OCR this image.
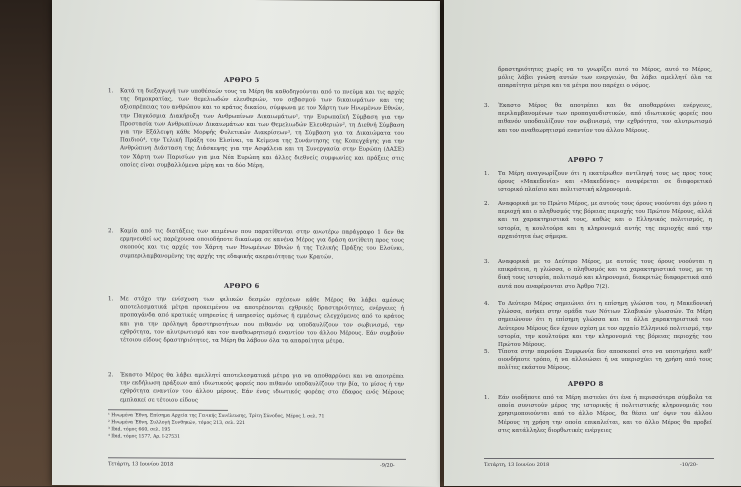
ΑΡΘΡΟ 5
1. Κατά τη διεξαγωγή των υποθέσεών τους τα Μέρη θα καθοδηγούνται από το πνεύμα και τις αρχές της δημοκρατίας, των θεμελιωδών ελευθεριών, του σεβασμού των δικαιωμάτων και της αξιοπρέπειας του ανθρώπου και το κράτος δικαίου, σύμφωνα με τον Χάρτη των Ηνωμένων Εθνών, την Παγκόσμια Διακήρυξη των Ανθρωπίνων Δικαιωμάτων¹, την Ευρωπαϊκή Σύμβαση για την Προστασία των Ανθρωπίνων Δικαιωμάτων και των Θεμελιωδών Ελευθεριών², τη Διεθνή Σύμβαση για την Εξάλειψη κάθε Μορφής Φυλετικών Διακρίσεων³, τη Σύμβαση για τα Δικαιώματα του Παιδιού⁴, την Τελική Πράξη του Ελσίνκι, τα Κείμενα της Συνάντησης της Κοπεγχάγης για την Ανθρώπινη Διάσταση της Διάσκεψης για την Ασφάλεια και τη Συνεργασία στην Ευρώπη (ΔΑΣΕ) τον Χάρτη των Παρισίων για μια Νέα Ευρώπη και άλλες διεθνείς συμφωνίες και πράξεις στις οποίες είναι συμβαλλόμενα μέρη και τα δύο Μέρη.
2. Καμία από τις διατάξεις των κειμένων που παρατίθενται στην ανωτέρω παράγραφο 1 δεν θα ερμηνευθεί ως παρέχουσα οποιοδήποτε δικαίωμα σε κανένα Μέρος για δράση αντίθετη προς τους σκοπούς και τις αρχές του Χάρτη των Ηνωμένων Εθνών ή της Τελικής Πράξης του Ελσίνκι, συμπεριλαμβανομένης της αρχής της εδαφικής ακεραιότητας των Κρατών.
ΑΡΘΡΟ 6
1. Με στόχο την ενίσχυση των φιλικών δεσμών σχέσεων κάθε Μέρος θα λάβει αμέσως αποτελεσματικά μέτρα προκειμένου να αποτρέπονται εχθρικές δραστηριότητες, ενέργειες ή προπαγάνδα από κρατικές υπηρεσίες ή υπηρεσίες αμέσως ή εμμέσως ελεγχόμενες από το κράτος και για την πρόληψη δραστηριοτήτων που πιθανόν να υποδαυλίζουν τον σωβινισμό, την εχθρότητα, τον αλυτρωτισμό και τον αναθεωρητισμό εναντίον του άλλου Μέρους. Εάν συμβούν τέτοιου είδους δραστηριότητες, τα Μέρη θα λάβουν όλα τα απαραίτητα μέτρα.
2. Έκαστο Μέρος θα λάβει αμελλητί αποτελεσματικά μέτρα για να αποθαρρύνει και να αποτρέπει την εκδήλωση πράξεων από ιδιωτικούς φορείς που πιθανόν υποδαυλίζουν την βία, το μίσος ή την εχθρότητα εναντίον του άλλου μέρους. Εάν ένας ιδιωτικός φορέας στο έδαφος ενός Μέρους εμπλακεί σε τέτοιου είδους
¹ Ηνωμένα Έθνη, Επίσημα Αρχεία της Γενικής Συνέλευσης, Τρίτη Σύνοδος, Μέρος Ι, σελ. 71
² Ηνωμένα Έθνη, Συλλογή Συνθηκών, τόμος 213, σελ. 221
³ Ibid, τόμος 660, σελ. 195
⁴ Ibid, τόμος 1577, Αρ. I-27531
Τετάρτη, 13 Ιουνίου 2018	-9/20-
δραστηριότητες χωρίς να το γνωρίζει αυτό το Μέρος, αυτό το Μέρος, μόλις λάβει γνώση αυτών των ενεργειών, θα λάβει αμελλητί όλα τα απαραίτητα μέτρα και τα μέτρα που παρέχει ο νόμος.
3. Έκαστο Μέρος θα αποτρέπει και θα αποθαρρύνει ενέργειες, περιλαμβανομένων των προπαγανδιστικών, από ιδιωτικούς φορείς που πιθανόν υποδαυλίζουν τον σωβινισμό, την εχθρότητα, τον αλυτρωτισμό και τον αναθεωρητισμό εναντίον του άλλου Μέρους.
ΑΡΘΡΟ 7
1. Τα Μέρη αναγνωρίζουν ότι η εκατέρωθεν αντίληψή τους ως προς τους όρους «Μακεδονία» και «Μακεδόνας» αναφέρεται σε διαφορετικό ιστορικό πλαίσιο και πολιτιστική κληρονομιά.
2. Αναφορικά με το Πρώτο Μέρος, με αυτούς τους όρους νοούνται όχι μόνο η περιοχή και ο πληθυσμός της βόρειας περιοχής του Πρώτου Μέρους, αλλά και τα χαρακτηριστικά τους, καθώς και ο Ελληνικός πολιτισμός, η ιστορία, η κουλτούρα και η κληρονομιά αυτής της περιοχής από την αρχαιότητα έως σήμερα.
3. Αναφορικά με το Δεύτερο Μέρος, με αυτούς τους όρους νοούνται η επικράτεια, η γλώσσα, ο πληθυσμός και τα χαρακτηριστικά τους, με τη δική τους ιστορία, πολιτισμό και κληρονομιά, διακριτώς διαφορετικά από αυτά που αναφέρονται στο Άρθρο 7(2).
4. Το Δεύτερο Μέρος σημειώνει ότι η επίσημη γλώσσα του, η Μακεδονική γλώσσα, ανήκει στην ομάδα των Νότιων Σλαβικών γλωσσών. Τα Μέρη σημειώνουν ότι η επίσημη γλώσσα και τα άλλα χαρακτηριστικά του Δεύτερου Μέρους δεν έχουν σχέση με τον αρχαίο Ελληνικό πολιτισμό, την ιστορία, την κουλτούρα και την κληρονομιά της βόρειας περιοχής του Πρώτου Μέρους.
5. Τίποτα στην παρούσα Συμφωνία δεν αποσκοπεί στο να υποτιμήσει καθ' οιονδήποτε τρόπο, ή να αλλοιώσει ή να υπερισχύει τη χρήση από τους πολίτες εκάστου Μέρους.
ΑΡΘΡΟ 8
1. Εάν οιοδήποτε από τα Μέρη πιστεύει ότι ένα ή περισσότερα σύμβολα τα οποία συνιστούν μέρος της ιστορικής ή πολιτιστικής κληρονομιάς του χρησιμοποιούνται από το άλλο Μέρος, θα θέσει υπ' όψιν του άλλου Μέρους τη χρήση την οποία επικαλείται, και το άλλο Μέρος θα προβεί στις κατάλληλες διορθωτικές ενέργειες
Τετάρτη, 13 Ιουνίου 2018	-10/20-
